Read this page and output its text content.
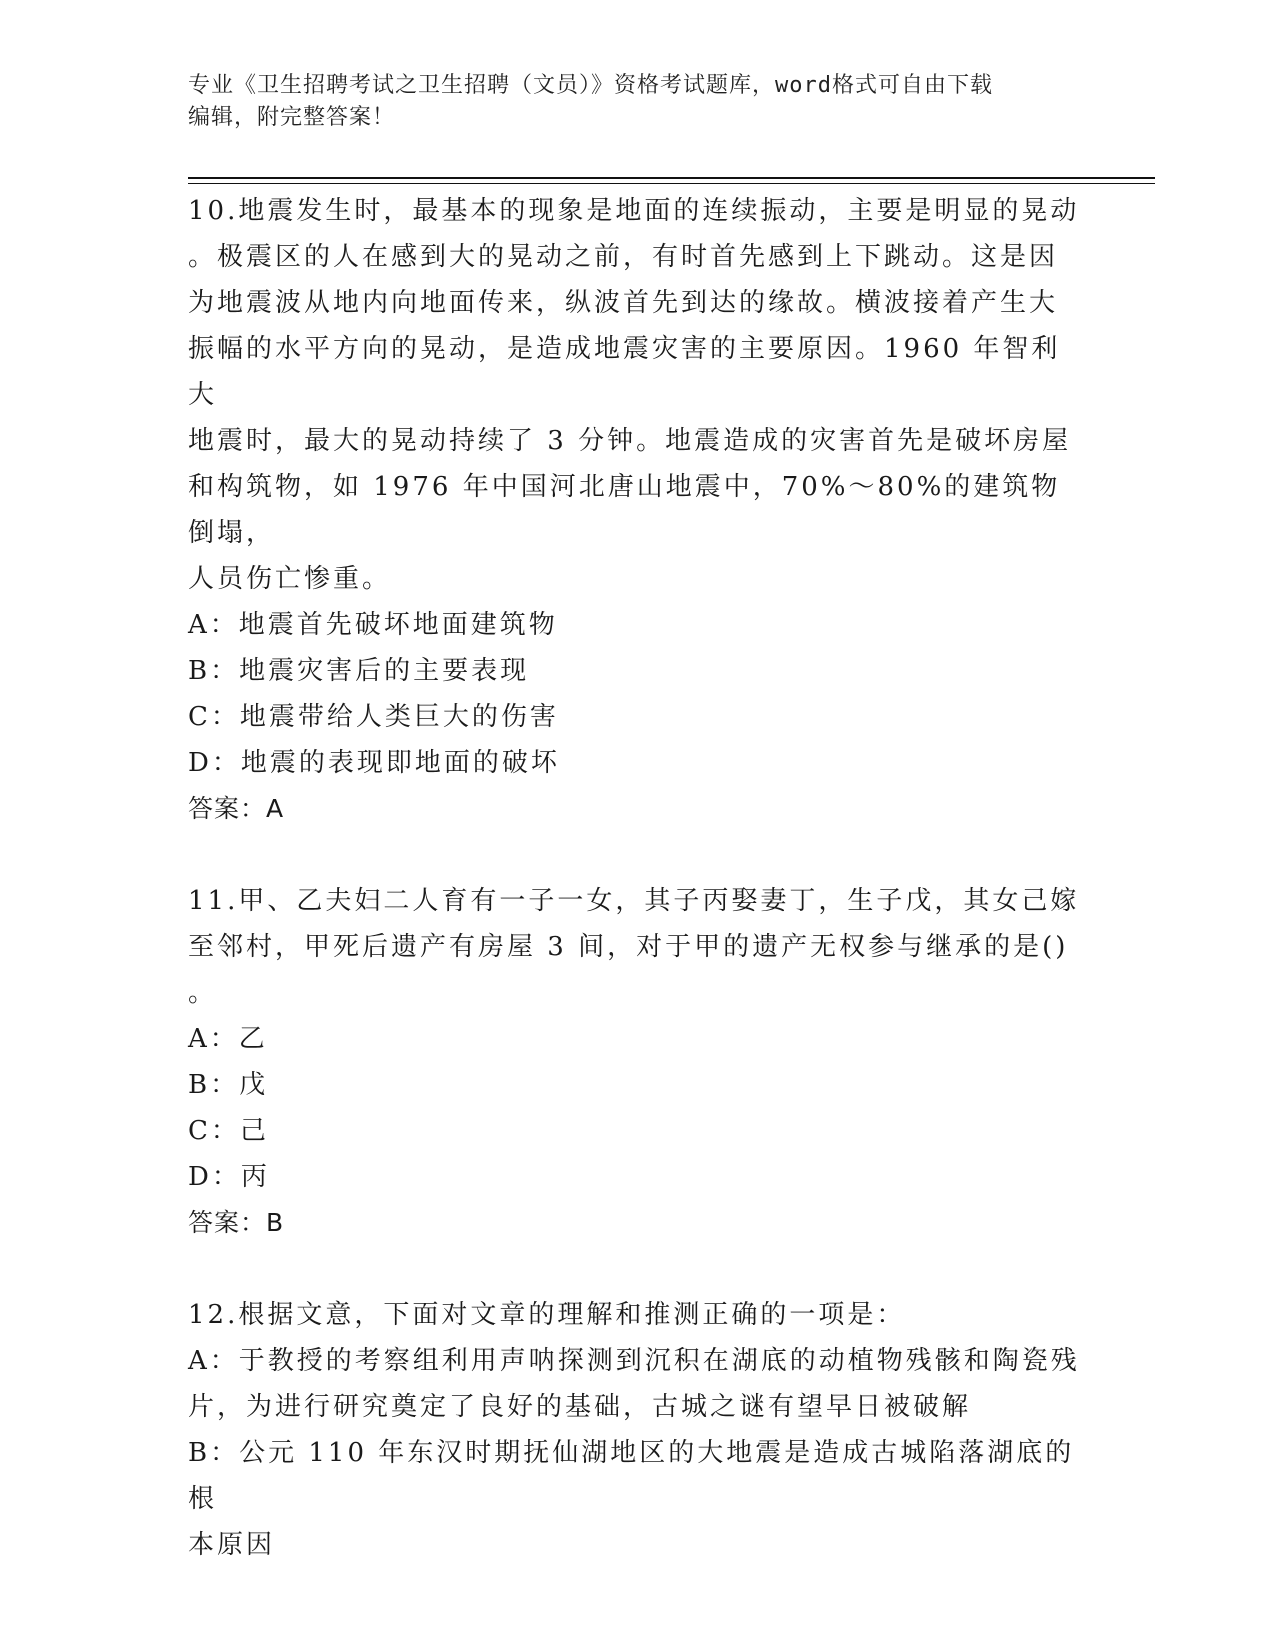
专业《卫生招聘考试之卫生招聘（文员）》资格考试题库，word格式可自由下载
编辑，附完整答案！

10.地震发生时，最基本的现象是地面的连续振动，主要是明显的晃动

。极震区的人在感到大的晃动之前，有时首先感到上下跳动。这是因

为地震波从地内向地面传来，纵波首先到达的缘故。横波接着产生大

振幅的水平方向的晃动，是造成地震灾害的主要原因。1960 年智利大

地震时，最大的晃动持续了 3 分钟。地震造成的灾害首先是破坏房屋

和构筑物，如 1976 年中国河北唐山地震中，70%～80%的建筑物倒塌，

人员伤亡惨重。

A：地震首先破坏地面建筑物

B：地震灾害后的主要表现

C：地震带给人类巨大的伤害

D：地震的表现即地面的破坏

答案：A

11.甲、乙夫妇二人育有一子一女，其子丙娶妻丁，生子戊，其女己嫁

至邻村，甲死后遗产有房屋 3 间，对于甲的遗产无权参与继承的是()

。

A：乙

B：戊

C：己

D：丙

答案：B

12.根据文意，下面对文章的理解和推测正确的一项是：

A：于教授的考察组利用声呐探测到沉积在湖底的动植物残骸和陶瓷残

片，为进行研究奠定了良好的基础，古城之谜有望早日被破解

B：公元 110 年东汉时期抚仙湖地区的大地震是造成古城陷落湖底的根

本原因
